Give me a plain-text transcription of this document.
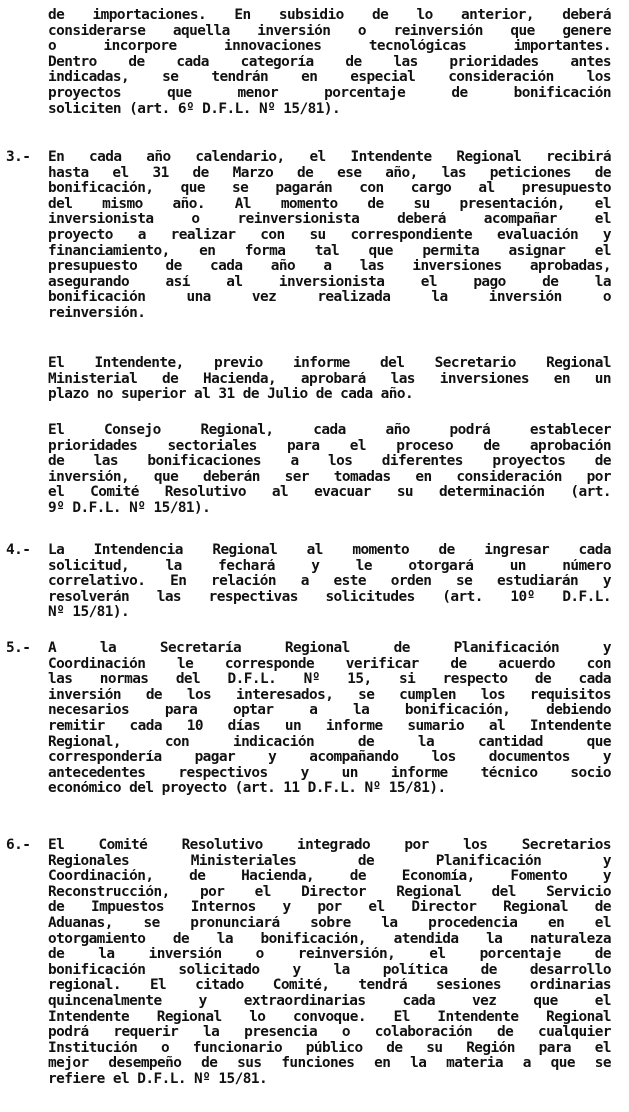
de importaciones. En subsidio de lo anterior, deberá
considerarse aquella inversión o reinversión que genere
o incorpore innovaciones tecnológicas importantes.
Dentro de cada categoría de las prioridades antes
indicadas, se tendrán en especial consideración los
proyectos que menor porcentaje de bonificación
soliciten (art. 6º D.F.L. Nº 15/81).
3.- En cada año calendario, el Intendente Regional recibirá
hasta el 31 de Marzo de ese año, las peticiones de
bonificación, que se pagarán con cargo al presupuesto
del mismo año. Al momento de su presentación, el
inversionista o reinversionista deberá acompañar el
proyecto a realizar con su correspondiente evaluación y
financiamiento, en forma tal que permita asignar el
presupuesto de cada año a las inversiones aprobadas,
asegurando así al inversionista el pago de la
bonificación una vez realizada la inversión o
reinversión.
El Intendente, previo informe del Secretario Regional
Ministerial de Hacienda, aprobará las inversiones en un
plazo no superior al 31 de Julio de cada año.
El Consejo Regional, cada año podrá establecer
prioridades sectoriales para el proceso de aprobación
de las bonificaciones a los diferentes proyectos de
inversión, que deberán ser tomadas en consideración por
el Comité Resolutivo al evacuar su determinación (art.
9º D.F.L. Nº 15/81).
4.- La Intendencia Regional al momento de ingresar cada
solicitud, la fechará y le otorgará un número
correlativo. En relación a este orden se estudiarán y
resolverán las respectivas solicitudes (art. 10º D.F.L.
Nº 15/81).
5.- A la Secretaría Regional de Planificación y
Coordinación le corresponde verificar de acuerdo con
las normas del D.F.L. Nº 15, si respecto de cada
inversión de los interesados, se cumplen los requisitos
necesarios para optar a la bonificación, debiendo
remitir cada 10 días un informe sumario al Intendente
Regional, con indicación de la cantidad que
correspondería pagar y acompañando los documentos y
antecedentes respectivos y un informe técnico socio
económico del proyecto (art. 11 D.F.L. Nº 15/81).
6.- El Comité Resolutivo integrado por los Secretarios
Regionales Ministeriales de Planificación y
Coordinación, de Hacienda, de Economía, Fomento y
Reconstrucción, por el Director Regional del Servicio
de Impuestos Internos y por el Director Regional de
Aduanas, se pronunciará sobre la procedencia en el
otorgamiento de la bonificación, atendida la naturaleza
de la inversión o reinversión, el porcentaje de
bonificación solicitado y la política de desarrollo
regional. El citado Comité, tendrá sesiones ordinarias
quincenalmente y extraordinarias cada vez que el
Intendente Regional lo convoque. El Intendente Regional
podrá requerir la presencia o colaboración de cualquier
Institución o funcionario público de su Región para el
mejor desempeño de sus funciones en la materia a que se
refiere el D.F.L. Nº 15/81.
